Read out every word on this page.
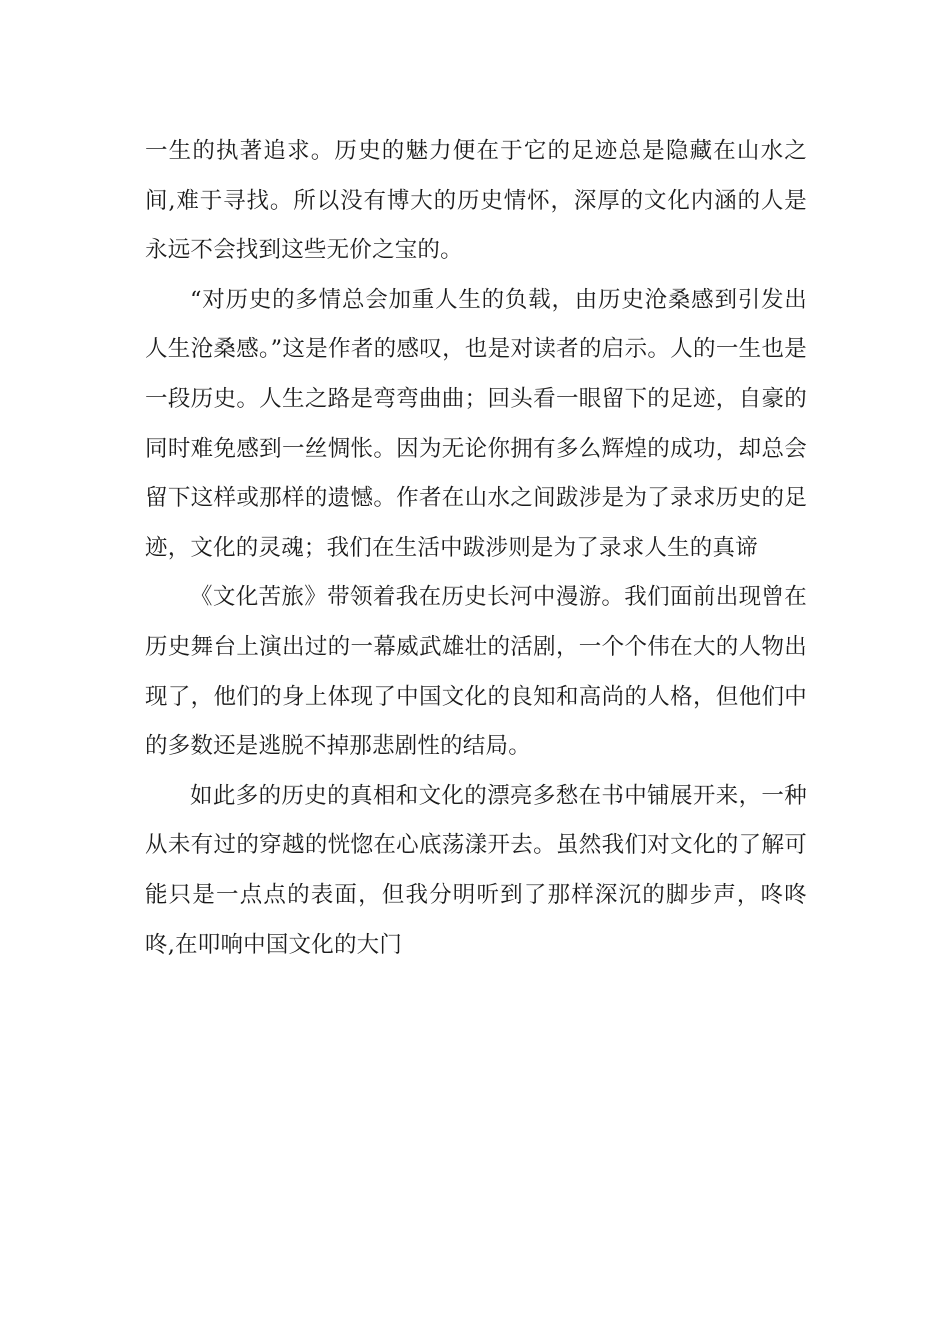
一生的执著追求。历史的魅力便在于它的足迹总是隐藏在山水之间,难于寻找。所以没有博大的历史情怀，深厚的文化内涵的人是永远不会找到这些无价之宝的。

“对历史的多情总会加重人生的负载，由历史沧桑感到引发出人生沧桑感。”这是作者的感叹，也是对读者的启示。人的一生也是一段历史。人生之路是弯弯曲曲；回头看一眼留下的足迹，自豪的同时难免感到一丝惆怅。因为无论你拥有多么辉煌的成功，却总会留下这样或那样的遗憾。作者在山水之间跋涉是为了录求历史的足迹，文化的灵魂；我们在生活中跋涉则是为了录求人生的真谛

《文化苦旅》带领着我在历史长河中漫游。我们面前出现曾在历史舞台上演出过的一幕威武雄壮的活剧，一个个伟在大的人物出现了，他们的身上体现了中国文化的良知和高尚的人格，但他们中的多数还是逃脱不掉那悲剧性的结局。

如此多的历史的真相和文化的漂亮多愁在书中铺展开来，一种从未有过的穿越的恍惚在心底荡漾开去。虽然我们对文化的了解可能只是一点点的表面，但我分明听到了那样深沉的脚步声，咚咚咚,在叩响中国文化的大门
